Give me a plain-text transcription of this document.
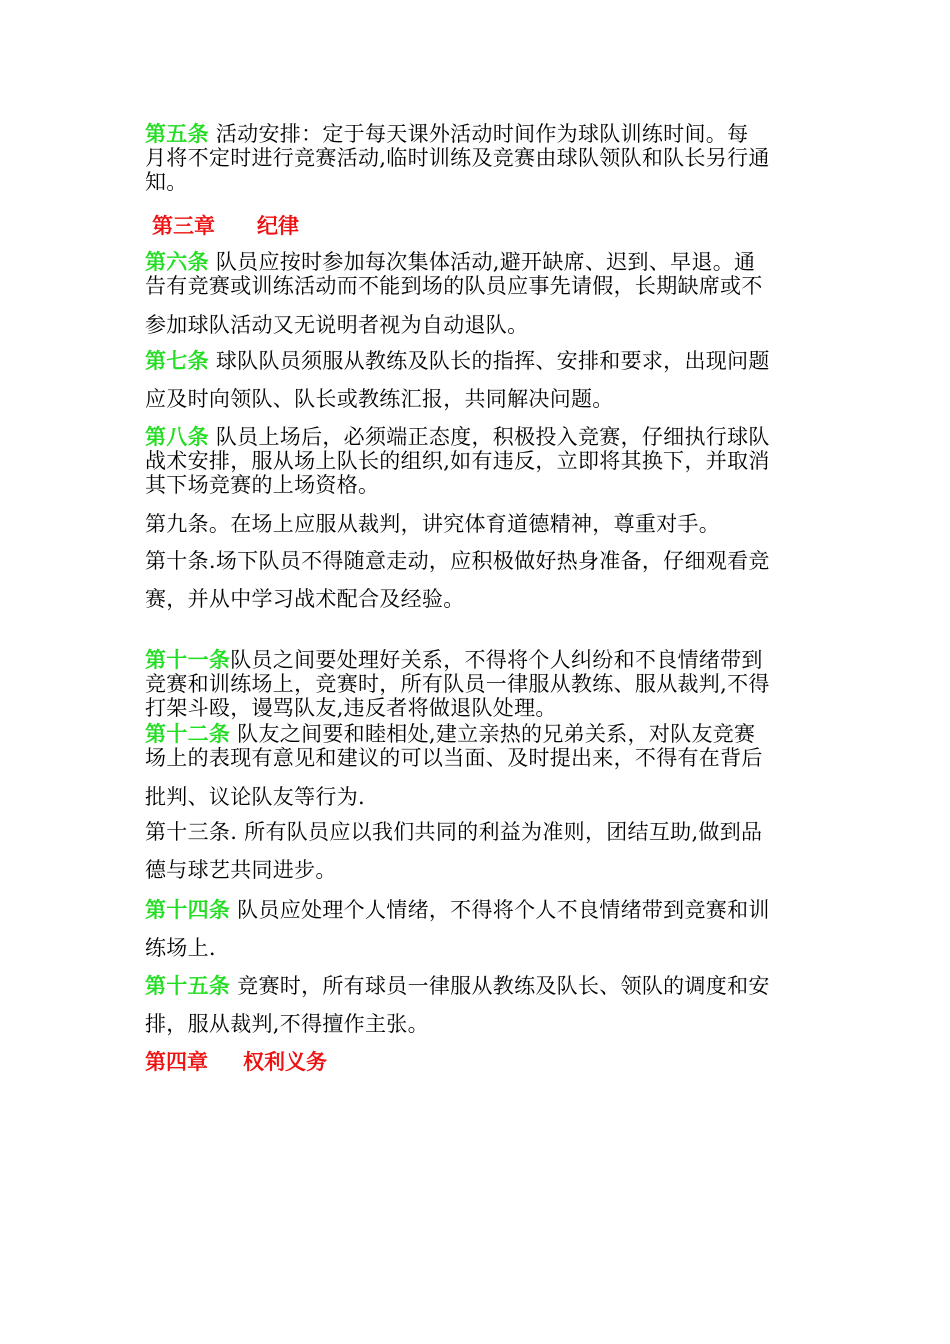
第五条 活动安排：定于每天课外活动时间作为球队训练时间。每
月将不定时进行竞赛活动,临时训练及竞赛由球队领队和队长另行通
知。
第三章 纪律
第六条 队员应按时参加每次集体活动,避开缺席、迟到、早退。通
告有竞赛或训练活动而不能到场的队员应事先请假，长期缺席或不
参加球队活动又无说明者视为自动退队。
第七条 球队队员须服从教练及队长的指挥、安排和要求，出现问题
应及时向领队、队长或教练汇报，共同解决问题。
第八条 队员上场后，必须端正态度，积极投入竞赛，仔细执行球队
战术安排，服从场上队长的组织,如有违反，立即将其换下，并取消
其下场竞赛的上场资格。
第九条。在场上应服从裁判，讲究体育道德精神，尊重对手。
第十条.场下队员不得随意走动，应积极做好热身准备，仔细观看竞
赛，并从中学习战术配合及经验。
第十一条队员之间要处理好关系，不得将个人纠纷和不良情绪带到
竞赛和训练场上，竞赛时，所有队员一律服从教练、服从裁判,不得
打架斗殴，谩骂队友,违反者将做退队处理。
第十二条 队友之间要和睦相处,建立亲热的兄弟关系，对队友竞赛
场上的表现有意见和建议的可以当面、及时提出来，不得有在背后
批判、议论队友等行为.
第十三条. 所有队员应以我们共同的利益为准则，团结互助,做到品
德与球艺共同进步。
第十四条 队员应处理个人情绪，不得将个人不良情绪带到竞赛和训
练场上.
第十五条 竞赛时，所有球员一律服从教练及队长、领队的调度和安
排，服从裁判,不得擅作主张。
第四章 权利义务
